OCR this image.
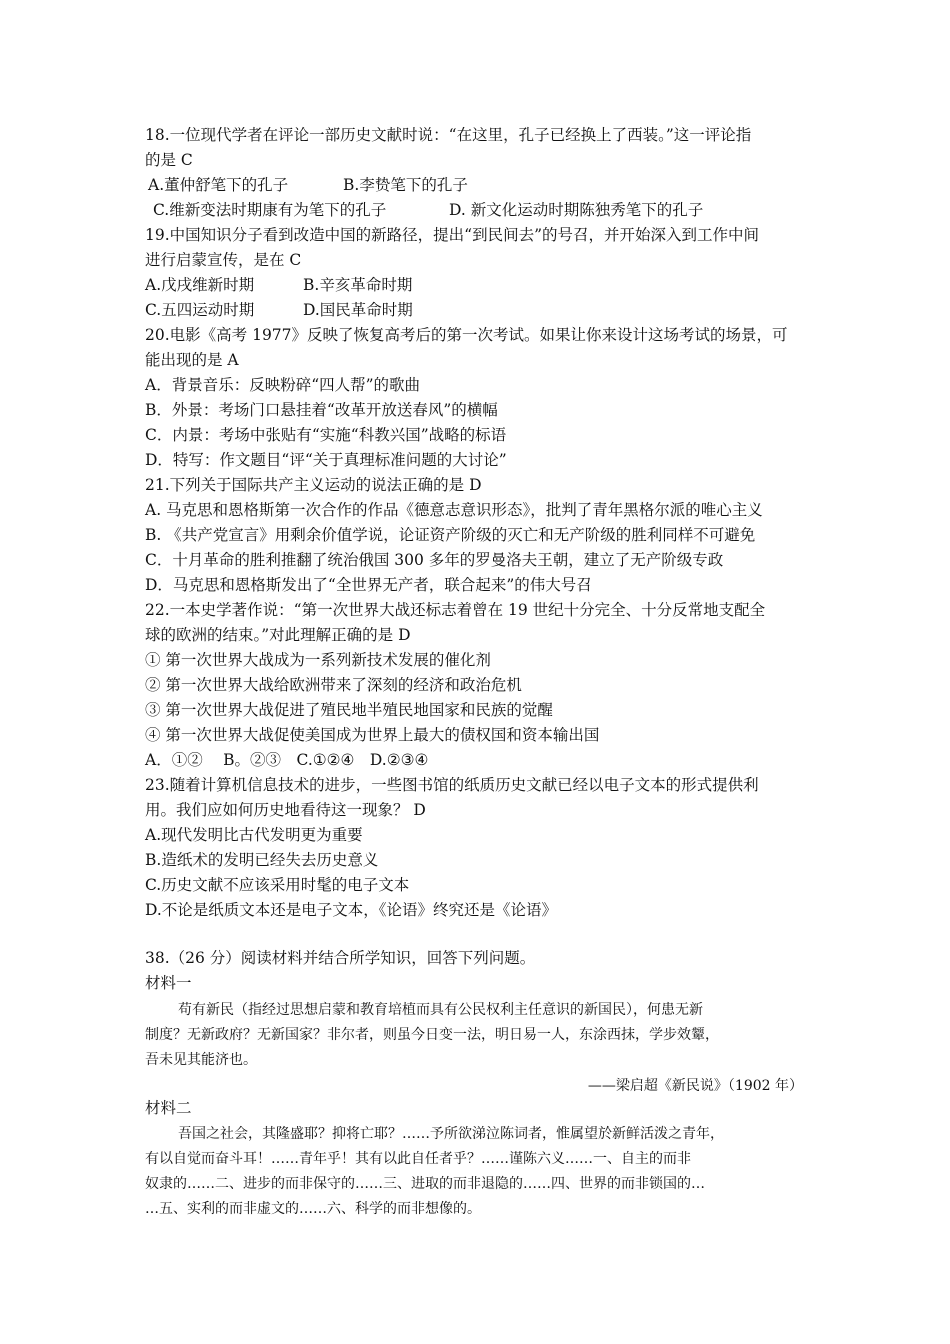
18.一位现代学者在评论一部历史文献时说：“在这里，孔子已经换上了西装。”这一评论指
的是 C
A.董仲舒笔下的孔子	B.李贽笔下的孔子
C.维新变法时期康有为笔下的孔子	D. 新文化运动时期陈独秀笔下的孔子
19.中国知识分子看到改造中国的新路径，提出“到民间去”的号召，并开始深入到工作中间
进行启蒙宣传，是在 C
A.戊戌维新时期	B.辛亥革命时期
C.五四运动时期	D.国民革命时期
20.电影《高考 1977》反映了恢复高考后的第一次考试。如果让你来设计这场考试的场景，可
能出现的是 A
A．背景音乐：反映粉碎“四人帮”的歌曲
B．外景：考场门口悬挂着“改革开放送春风”的横幅
C．内景：考场中张贴有“实施“科教兴国”战略的标语
D．特写：作文题目“评“关于真理标准问题的大讨论”
21.下列关于国际共产主义运动的说法正确的是 D
A. 马克思和恩格斯第一次合作的作品《德意志意识形态》，批判了青年黑格尔派的唯心主义
B. 《共产党宣言》用剩余价值学说，论证资产阶级的灭亡和无产阶级的胜利同样不可避免
C．十月革命的胜利推翻了统治俄国 300 多年的罗曼洛夫王朝，建立了无产阶级专政
D．马克思和恩格斯发出了“全世界无产者，联合起来”的伟大号召
22.一本史学著作说：“第一次世界大战还标志着曾在 19 世纪十分完全、十分反常地支配全
球的欧洲的结束。”对此理解正确的是 D
① 第一次世界大战成为一系列新技术发展的催化剂
② 第一次世界大战给欧洲带来了深刻的经济和政治危机
③ 第一次世界大战促进了殖民地半殖民地国家和民族的觉醒
④ 第一次世界大战促使美国成为世界上最大的债权国和资本输出国
A．①②　 B。②③　C.①②④　D.②③④
23.随着计算机信息技术的进步，一些图书馆的纸质历史文献已经以电子文本的形式提供利
用。我们应如何历史地看待这一现象？ D
A.现代发明比古代发明更为重要
B.造纸术的发明已经失去历史意义
C.历史文献不应该采用时髦的电子文本
D.不论是纸质文本还是电子文本，《论语》终究还是《论语》
38.（26 分）阅读材料并结合所学知识，回答下列问题。
材料一
苟有新民（指经过思想启蒙和教育培植而具有公民权利主任意识的新国民），何患无新
制度？无新政府？无新国家？非尔者，则虽今日变一法，明日易一人，东涂西抹，学步效颦，
吾未见其能济也。
——梁启超《新民说》（1902 年）
材料二
吾国之社会，其隆盛耶？抑将亡耶？……予所欲涕泣陈词者，惟属望於新鲜活泼之青年，
有以自觉而奋斗耳！……青年乎！其有以此自任者乎？……谨陈六义……一、自主的而非
奴隶的……二、进步的而非保守的……三、进取的而非退隐的……四、世界的而非锁国的…
…五、实利的而非虚文的……六、科学的而非想像的。
